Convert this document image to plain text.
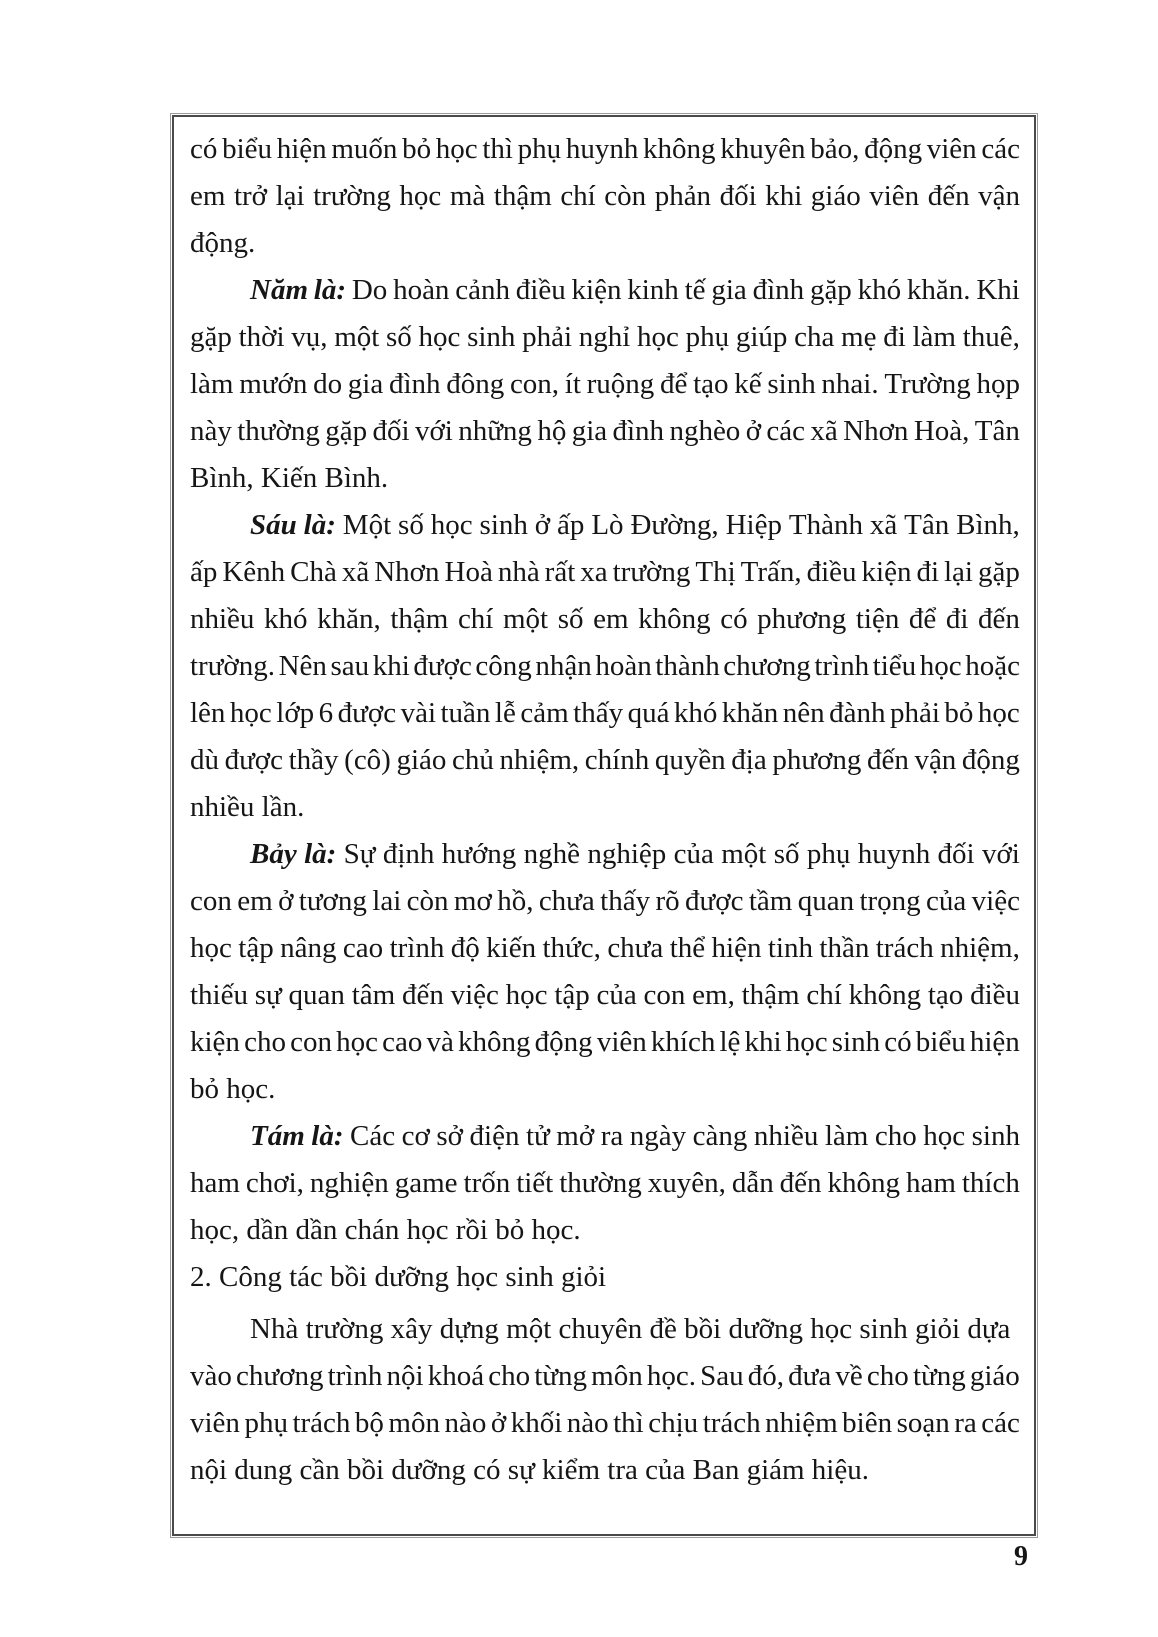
có biểu hiện muốn bỏ học thì phụ huynh không khuyên bảo, động viên các
em trở lại trường học mà thậm chí còn phản đối khi giáo viên đến vận
động.
Năm là: Do hoàn cảnh điều kiện kinh tế gia đình gặp khó khăn. Khi
gặp thời vụ, một số học sinh phải nghỉ học phụ giúp cha mẹ đi làm thuê,
làm mướn do gia đình đông con, ít ruộng để tạo kế sinh nhai. Trường họp
này thường gặp đối với những hộ gia đình nghèo ở các xã Nhơn Hoà, Tân
Bình, Kiến Bình.
Sáu là: Một số học sinh ở ấp Lò Đường, Hiệp Thành xã Tân Bình,
ấp Kênh Chà xã Nhơn Hoà nhà rất xa trường Thị Trấn, điều kiện đi lại gặp
nhiều khó khăn, thậm chí một số em không có phương tiện để đi đến
trường. Nên sau khi được công nhận hoàn thành chương trình tiểu học hoặc
lên học lớp 6 được vài tuần lễ cảm thấy quá khó khăn nên đành phải bỏ học
dù được thầy (cô) giáo chủ nhiệm, chính quyền địa phương đến vận động
nhiều lần.
Bảy là: Sự định hướng nghề nghiệp của một số phụ huynh đối với
con em ở tương lai còn mơ hồ, chưa thấy rõ được tầm quan trọng của việc
học tập nâng cao trình độ kiến thức, chưa thể hiện tinh thần trách nhiệm,
thiếu sự quan tâm đến việc học tập của con em, thậm chí không tạo điều
kiện cho con học cao và không động viên khích lệ khi học sinh có biểu hiện
bỏ học.
Tám là: Các cơ sở điện tử mở ra ngày càng nhiều làm cho học sinh
ham chơi, nghiện game trốn tiết thường xuyên, dẫn đến không ham thích
học, dần dần chán học rồi bỏ học.
2. Công tác bồi dưỡng học sinh giỏi
Nhà trường xây dựng một chuyên đề bồi dưỡng học sinh giỏi dựa
vào chương trình nội khoá cho từng môn học. Sau đó, đưa về cho từng giáo
viên phụ trách bộ môn nào ở khối nào thì chịu trách nhiệm biên soạn ra các
nội dung cần bồi dưỡng có sự kiểm tra của Ban giám hiệu.
9
